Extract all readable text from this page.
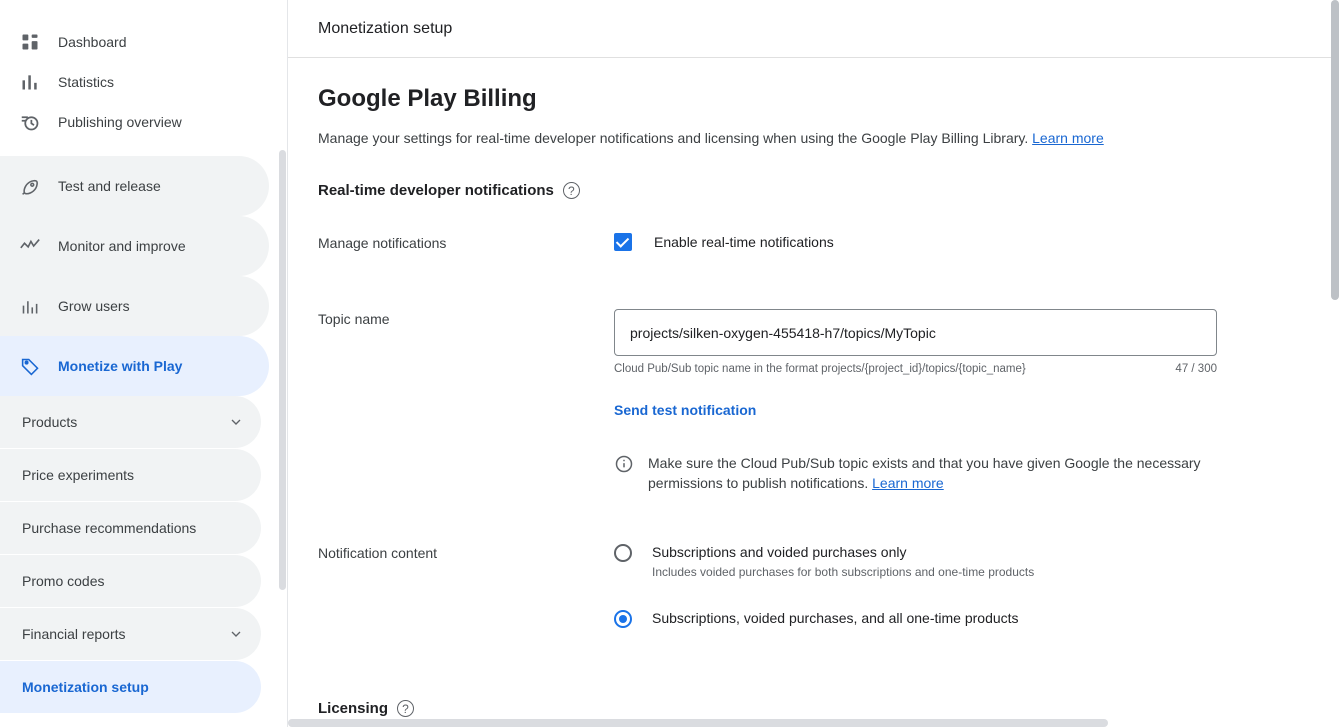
Dashboard
Statistics
Publishing overview
Test and release
Monitor and improve
Grow users
Monetize with Play
Products
Price experiments
Purchase recommendations
Promo codes
Financial reports
Monetization setup
Monetization setup
Google Play Billing

Manage your settings for real-time developer notifications and licensing when using the Google Play Billing Library. Learn more

Real-time developer notifications	?
Manage notifications	Enable real-time notifications
Topic name
projects/silken-oxygen-455418-h7/topics/MyTopic
Cloud Pub/Sub topic name in the format projects/{project_id}/topics/{topic_name}	47 / 300
Send test notification
Make sure the Cloud Pub/Sub topic exists and that you have given Google the necessary permissions to publish notifications. Learn more
Notification content	Subscriptions and voided purchases only
Includes voided purchases for both subscriptions and one-time products
Subscriptions, voided purchases, and all one-time products
Licensing	?
